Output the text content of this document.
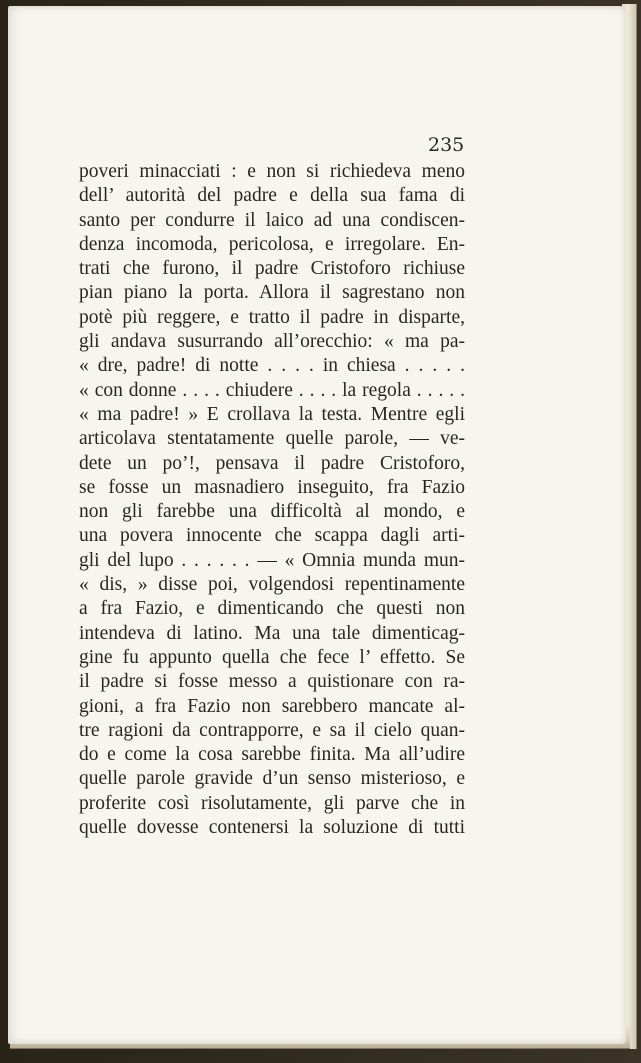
235
poveri minacciati : e non si richiedeva meno
dell’ autorità del padre e della sua fama di
santo per condurre il laico ad una condiscen-
denza incomoda, pericolosa, e irregolare. En-
trati che furono, il padre Cristoforo richiuse
pian piano la porta. Allora il sagrestano non
potè più reggere, e tratto il padre in disparte,
gli andava susurrando all’orecchio: « ma pa-
« dre, padre! di notte . . . . in chiesa . . . . .
« con donne . . . . chiudere . . . . la regola . . . . .
« ma padre! » E crollava la testa. Mentre egli
articolava stentatamente quelle parole, — ve-
dete un po’!, pensava il padre Cristoforo,
se fosse un masnadiero inseguito, fra Fazio
non gli farebbe una difficoltà al mondo, e
una povera innocente che scappa dagli arti-
gli del lupo . . . . . . — « Omnia munda mun-
« dis, » disse poi, volgendosi repentinamente
a fra Fazio, e dimenticando che questi non
intendeva di latino. Ma una tale dimenticag-
gine fu appunto quella che fece l’ effetto. Se
il padre si fosse messo a quistionare con ra-
gioni, a fra Fazio non sarebbero mancate al-
tre ragioni da contrapporre, e sa il cielo quan-
do e come la cosa sarebbe finita. Ma all’udire
quelle parole gravide d’un senso misterioso, e
proferite così risolutamente, gli parve che in
quelle dovesse contenersi la soluzione di tutti
